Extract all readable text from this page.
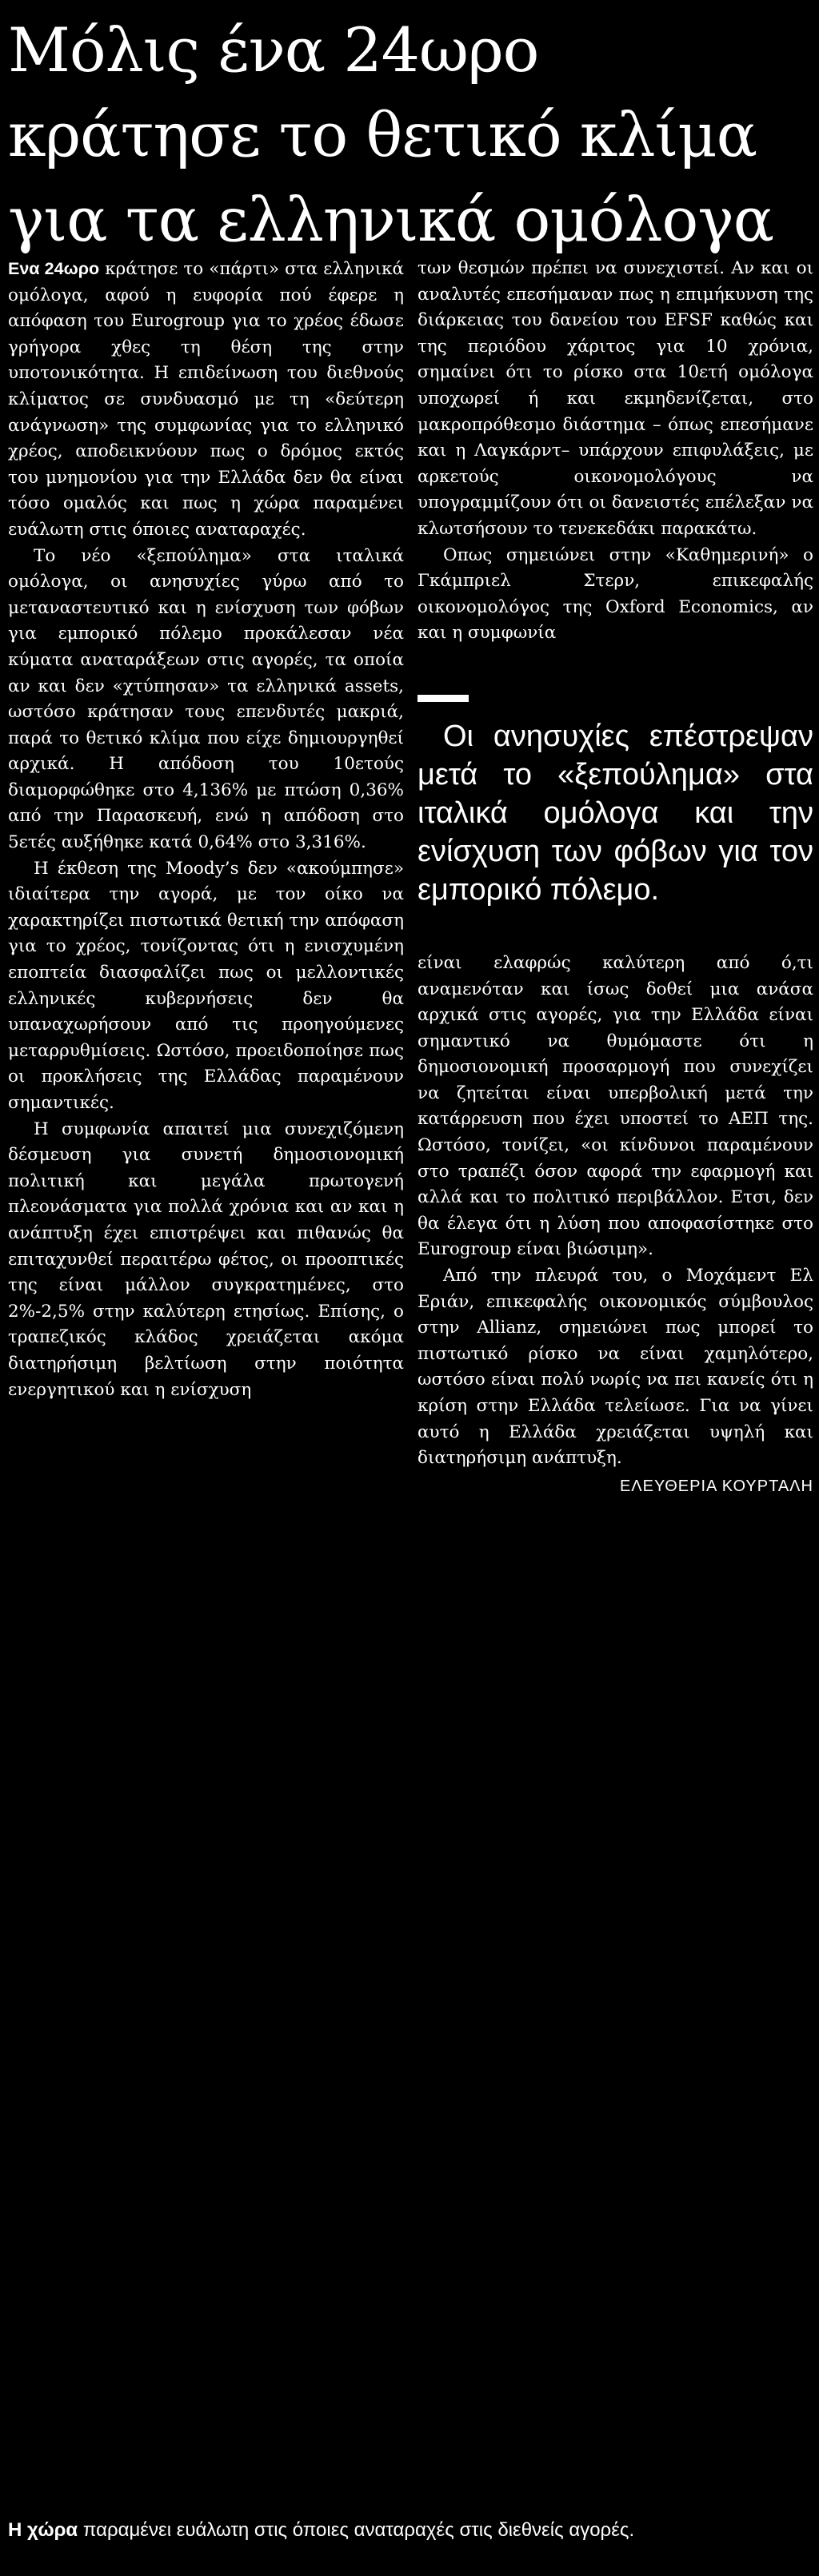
Μόλις ένα 24ωρο
κράτησε το θετικό κλίμα
για τα ελληνικά ομόλογα

Ενα 24ωρο κράτησε το «πάρτι» στα ελληνικά ομόλογα, αφού η ευφορία πού έφερε η απόφαση του Eurogroup για το χρέος έδωσε γρήγορα χθες τη θέση της στην υποτονικότητα. Η επιδείνωση του διεθνούς κλίματος σε συνδυασμό με τη «δεύτερη ανάγνωση» της συμφωνίας για το ελληνικό χρέος, αποδεικνύουν πως ο δρόμος εκτός του μνημονίου για την Ελλάδα δεν θα είναι τόσο ομαλός και πως η χώρα παραμένει ευάλωτη στις όποιες αναταραχές.

Το νέο «ξεπούλημα» στα ιταλικά ομόλογα, οι ανησυχίες γύρω από το μεταναστευτικό και η ενίσχυση των φόβων για εμπορικό πόλεμο προκάλεσαν νέα κύματα αναταράξεων στις αγορές, τα οποία αν και δεν «χτύπησαν» τα ελληνικά assets, ωστόσο κράτησαν τους επενδυτές μακριά, παρά το θετικό κλίμα που είχε δημιουργηθεί αρχικά. Η απόδοση του 10ετούς διαμορφώθηκε στο 4,136% με πτώση 0,36% από την Παρασκευή, ενώ η απόδοση στο 5ετές αυξήθηκε κατά 0,64% στο 3,316%.

Η έκθεση της Moody’s δεν «ακούμπησε» ιδιαίτερα την αγορά, με τον οίκο να χαρακτηρίζει πιστωτικά θετική την απόφαση για το χρέος, τονίζοντας ότι η ενισχυμένη εποπτεία διασφαλίζει πως οι μελλοντικές ελληνικές κυβερνήσεις δεν θα υπαναχωρήσουν από τις προηγούμενες μεταρρυθμίσεις. Ωστόσο, προειδοποίησε πως οι προκλήσεις της Ελλάδας παραμένουν σημαντικές.

Η συμφωνία απαιτεί μια συνεχιζόμενη δέσμευση για συνετή δημοσιονομική πολιτική και μεγάλα πρωτογενή πλεονάσματα για πολλά χρόνια και αν και η ανάπτυξη έχει επιστρέψει και πιθανώς θα επιταχυνθεί περαιτέρω φέτος, οι προοπτικές της είναι μάλλον συγκρατημένες, στο 2%-2,5% στην καλύτερη ετησίως. Επίσης, ο τραπεζικός κλάδος χρειάζεται ακόμα διατηρήσιμη βελτίωση στην ποιότητα ενεργητικού και η ενίσχυση

των θεσμών πρέπει να συνεχιστεί. Αν και οι αναλυτές επεσήμαναν πως η επιμήκυνση της διάρκειας του δανείου του EFSF καθώς και της περιόδου χάριτος για 10 χρόνια, σημαίνει ότι το ρίσκο στα 10ετή ομόλογα υποχωρεί ή και εκμηδενίζεται, στο μακροπρόθεσμο διάστημα – όπως επεσήμανε και η Λαγκάρντ– υπάρχουν επιφυλάξεις, με αρκετούς οικονομολόγους να υπογραμμίζουν ότι οι δανειστές επέλεξαν να κλωτσήσουν το τενεκεδάκι παρακάτω.

Οπως σημειώνει στην «Καθημερινή» ο Γκάμπριελ Στερν, επικεφαλής οικονομολόγος της Oxford Economics, αν και η συμφωνία

Οι ανησυχίες επέστρεψαν μετά το «ξεπούλημα» στα ιταλικά ομόλογα και την ενίσχυση των φόβων για τον εμπορικό πόλεμο.

είναι ελαφρώς καλύτερη από ό,τι αναμενόταν και ίσως δοθεί μια ανάσα αρχικά στις αγορές, για την Ελλάδα είναι σημαντικό να θυμόμαστε ότι η δημοσιονομική προσαρμογή που συνεχίζει να ζητείται είναι υπερβολική μετά την κατάρρευση που έχει υποστεί το ΑΕΠ της. Ωστόσο, τονίζει, «οι κίνδυνοι παραμένουν στο τραπέζι όσον αφορά την εφαρμογή και αλλά και το πολιτικό περιβάλλον. Ετσι, δεν θα έλεγα ότι η λύση που αποφασίστηκε στο Eurogroup είναι βιώσιμη».

Από την πλευρά του, ο Μοχάμεντ Ελ Εριάν, επικεφαλής οικονομικός σύμβουλος στην Allianz, σημειώνει πως μπορεί το πιστωτικό ρίσκο να είναι χαμηλότερο, ωστόσο είναι πολύ νωρίς να πει κανείς ότι η κρίση στην Ελλάδα τελείωσε. Για να γίνει αυτό η Ελλάδα χρειάζεται υψηλή και διατηρήσιμη ανάπτυξη.

ΕΛΕΥΘΕΡΙΑ ΚΟΥΡΤΑΛΗ

Η χώρα παραμένει ευάλωτη στις όποιες αναταραχές στις διεθνείς αγορές.
